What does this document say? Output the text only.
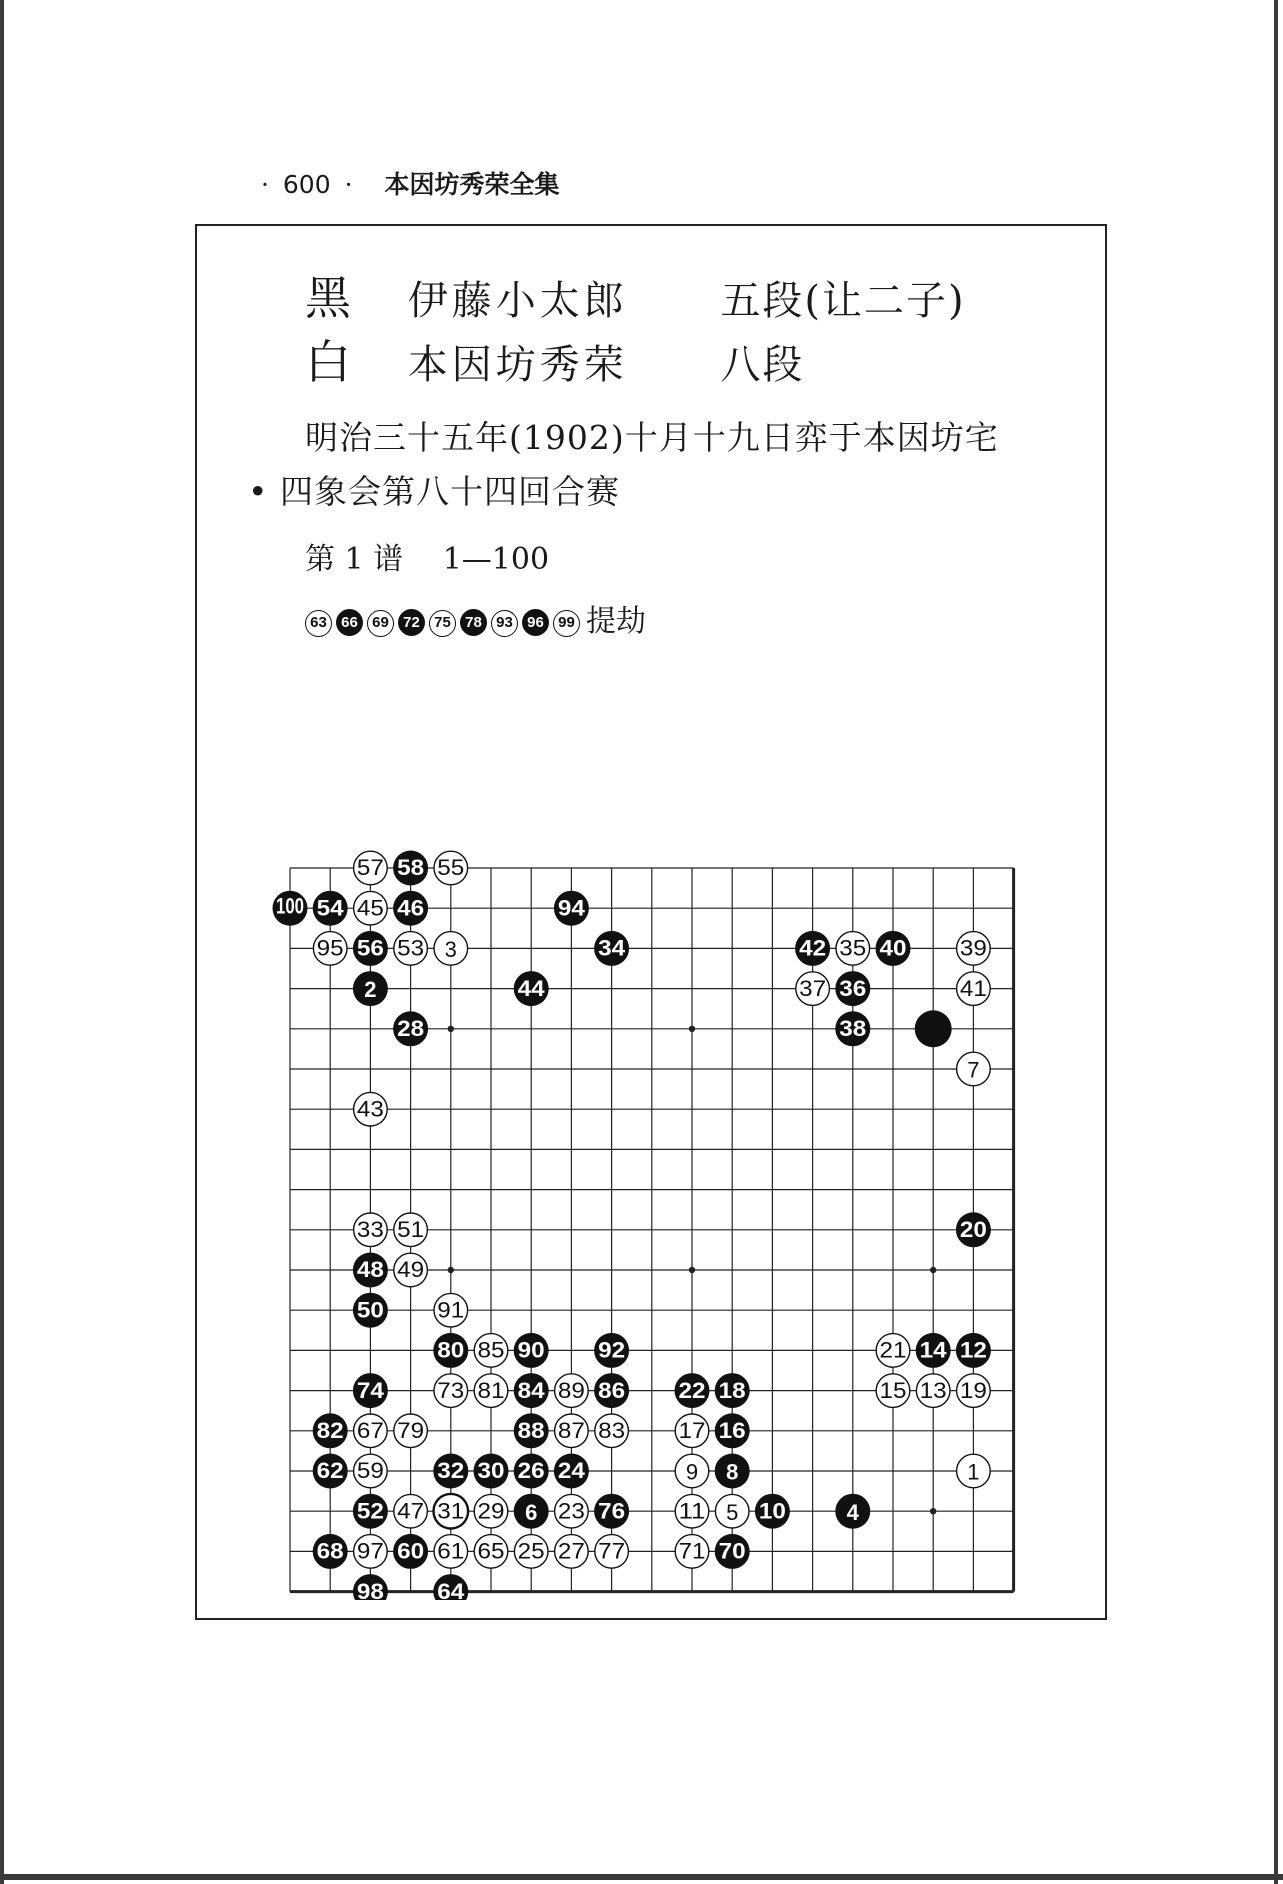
· 600 · 本因坊秀荣全集
黑 伊藤小太郎 五段(让二子)
白 本因坊秀荣 八段
明治三十五年(1902)十月十九日弈于本因坊宅
• 四象会第八十四回合赛
第 1 谱 1—100
63 66 69 72 75 78 93 96 99 提劫
57 58 55
100 54 45 46	94
95 56 53 3	34	42 35 40 39
2	44	37 36	41
28	38
7
43
33 51	20
48 49
50 91
80 85 90 92	21 14 12
74 73 81 84 89 86 22 18	15 13 19
82 67 79	88 87 83 17 16
62 59 32 30 26 24	9 8	1
52 47 31 29 6 23 76 11 5 10	4
68 97 60 61 65 25 27 77 71 70
98 64
